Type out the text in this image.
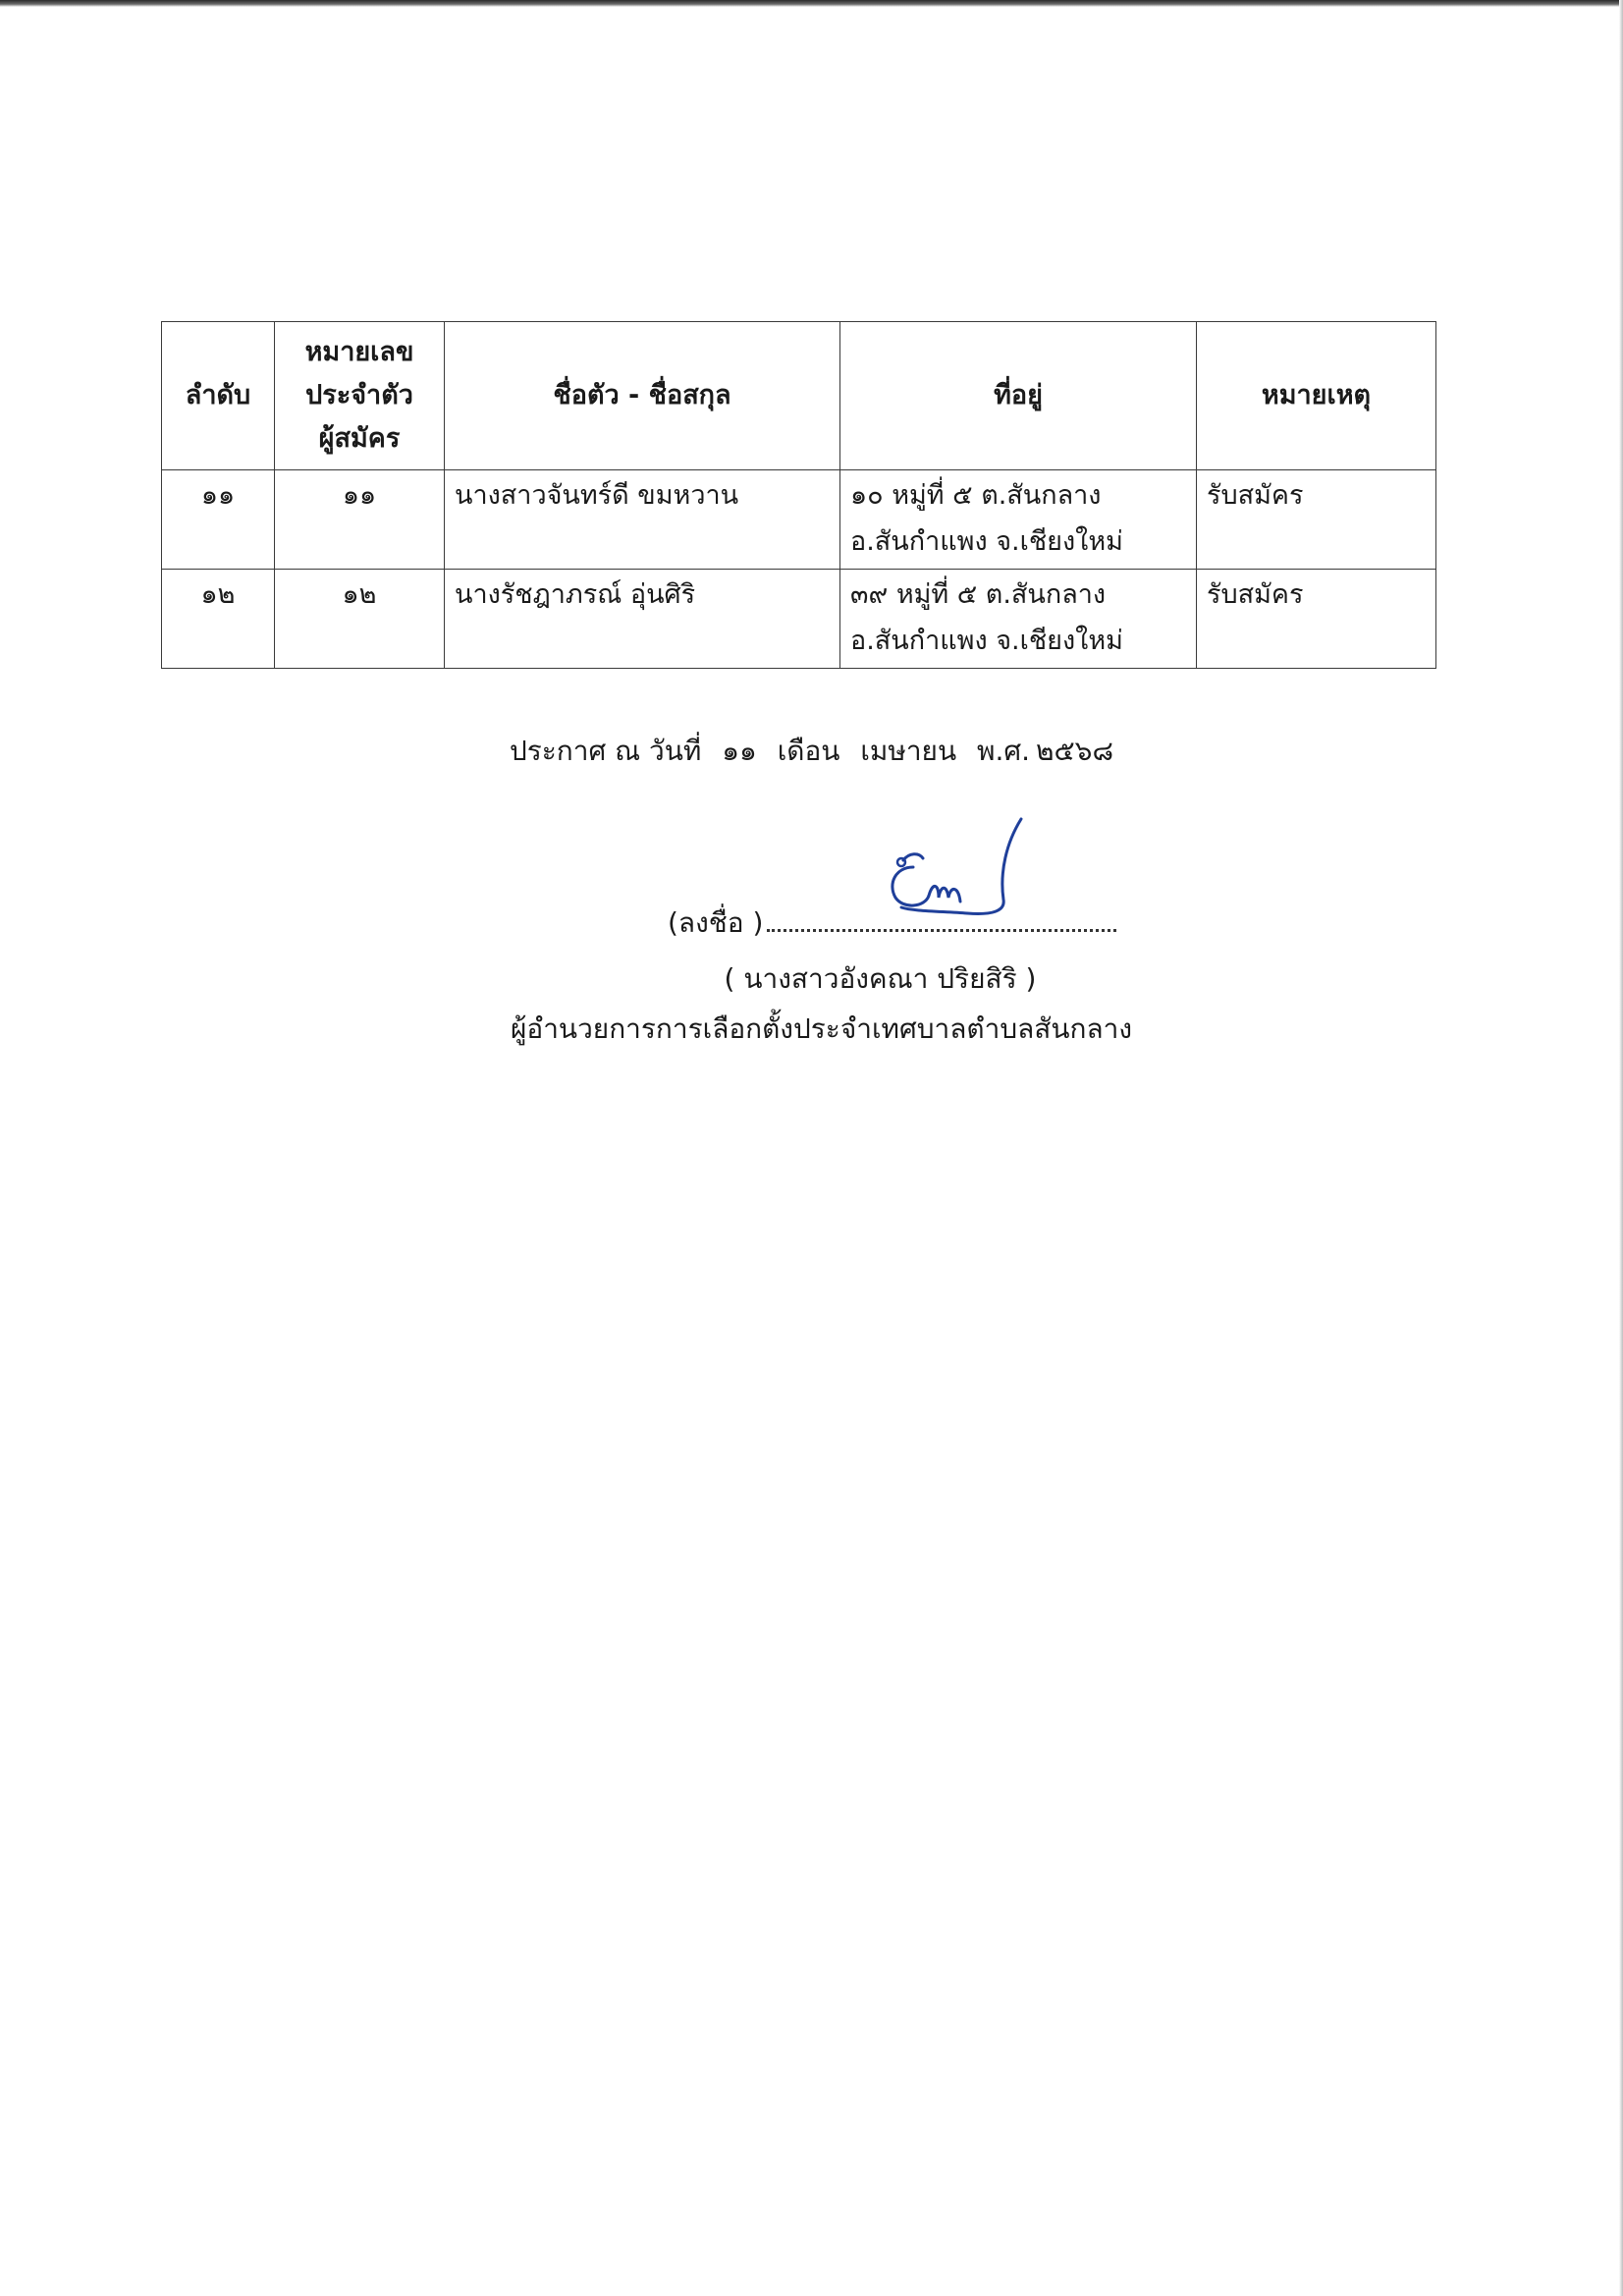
ลำดับ	หมายเลข
ประจำตัว
ผู้สมัคร	ชื่อตัว - ชื่อสกุล	ที่อยู่	หมายเหตุ
๑๑	๑๑	นางสาวจันทร์ดี ขมหวาน	๑๐ หมู่ที่ ๕ ต.สันกลาง
อ.สันกำแพง จ.เชียงใหม่	รับสมัคร
๑๒	๑๒	นางรัชฎาภรณ์ อุ่นศิริ	๓๙ หมู่ที่ ๕ ต.สันกลาง
อ.สันกำแพง จ.เชียงใหม่	รับสมัคร
ประกาศ ณ วันที่ ๑๑ เดือน เมษายน พ.ศ. ๒๕๖๘
(ลงชื่อ )
( นางสาวอังคณา ปริยสิริ )
ผู้อำนวยการการเลือกตั้งประจำเทศบาลตำบลสันกลาง
